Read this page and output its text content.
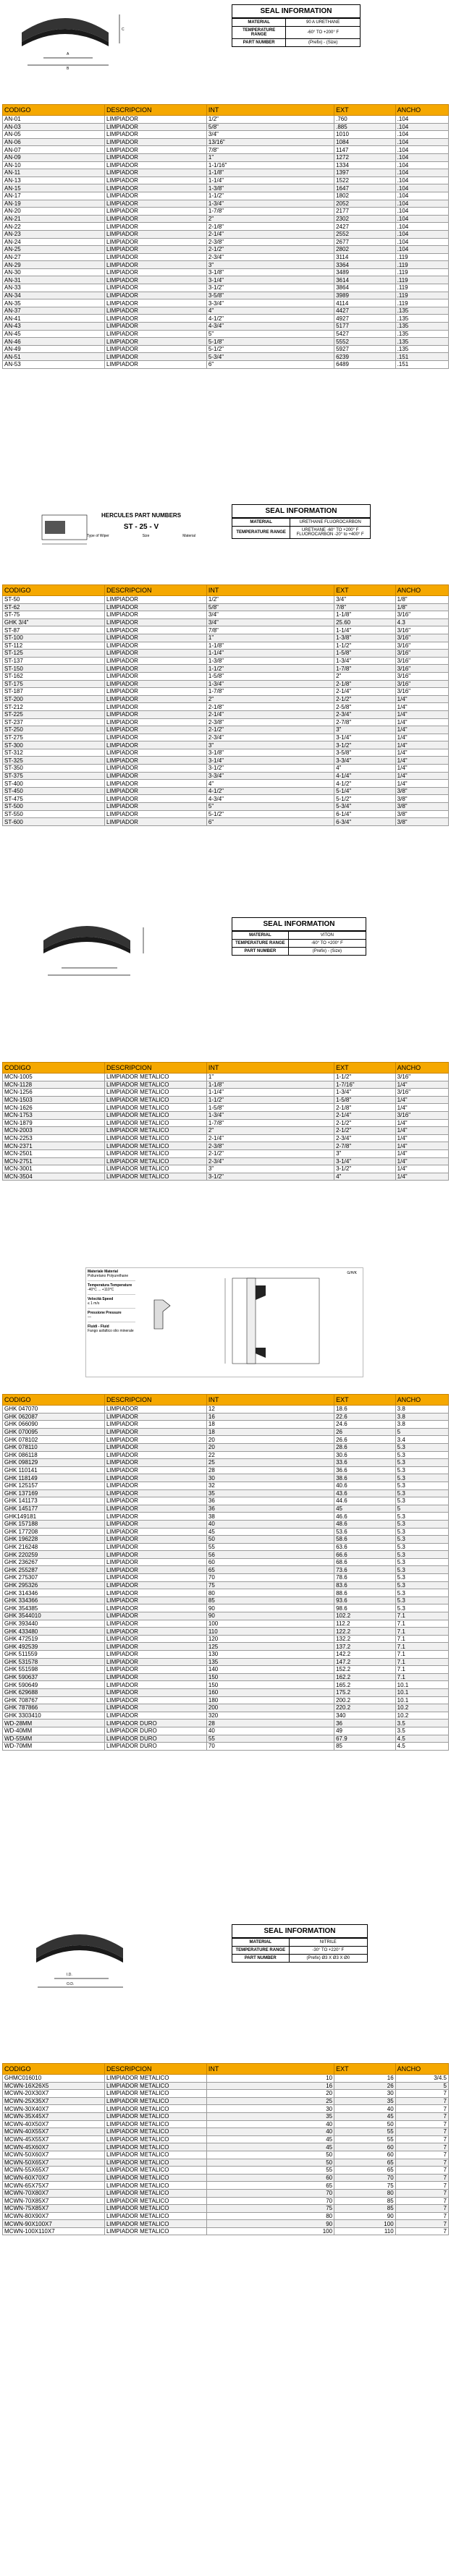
A
B
C
SEAL INFORMATION
MATERIAL	90 A URETHANE
TEMPERATURE RANGE	-60° TO +200° F
PART NUMBER	(Prefix) - (Size)
CODIGO	DESCRIPCION	INT	EXT	ANCHO
AN-01	LIMPIADOR	1/2"	.760	.104
AN-03	LIMPIADOR	5/8"	.885	.104
AN-05	LIMPIADOR	3/4"	1010	.104
AN-06	LIMPIADOR	13/16"	1084	.104
AN-07	LIMPIADOR	7/8"	1147	.104
AN-09	LIMPIADOR	1"	1272	.104
AN-10	LIMPIADOR	1-1/16"	1334	.104
AN-11	LIMPIADOR	1-1/8"	1397	.104
AN-13	LIMPIADOR	1-1/4"	1522	.104
AN-15	LIMPIADOR	1-3/8"	1647	.104
AN-17	LIMPIADOR	1-1/2"	1802	.104
AN-19	LIMPIADOR	1-3/4"	2052	.104
AN-20	LIMPIADOR	1-7/8"	2177	.104
AN-21	LIMPIADOR	2"	2302	.104
AN-22	LIMPIADOR	2-1/8"	2427	.104
AN-23	LIMPIADOR	2-1/4"	2552	.104
AN-24	LIMPIADOR	2-3/8"	2677	.104
AN-25	LIMPIADOR	2-1/2"	2802	.104
AN-27	LIMPIADOR	2-3/4"	3114	.119
AN-29	LIMPIADOR	3"	3364	.119
AN-30	LIMPIADOR	3-1/8"	3489	.119
AN-31	LIMPIADOR	3-1/4"	3614	.119
AN-33	LIMPIADOR	3-1/2"	3864	.119
AN-34	LIMPIADOR	3-5/8"	3989	.119
AN-35	LIMPIADOR	3-3/4"	4114	.119
AN-37	LIMPIADOR	4"	4427	.135
AN-41	LIMPIADOR	4-1/2"	4927	.135
AN-43	LIMPIADOR	4-3/4"	5177	.135
AN-45	LIMPIADOR	5"	5427	.135
AN-46	LIMPIADOR	5-1/8"	5552	.135
AN-49	LIMPIADOR	5-1/2"	5927	.135
AN-51	LIMPIADOR	5-3/4"	6239	.151
AN-53	LIMPIADOR	6"	6489	.151
HERCULES PART NUMBERS
ST - 25 - V
Type of Wiper	Size	Material
SEAL INFORMATION
MATERIAL	URETHANE FLUOROCARBON
TEMPERATURE RANGE	URETHANE -60° TO +200° F FLUOROCARBON -20° to +400° F
CODIGO	DESCRIPCION	INT	EXT	ANCHO
ST-50	LIMPIADOR	1/2"	3/4"	1/8"
ST-62	LIMPIADOR	5/8"	7/8"	1/8"
ST-75	LIMPIADOR	3/4"	1-1/8"	3/16"
GHK 3/4"	LIMPIADOR	3/4"	25.60	4.3
ST-87	LIMPIADOR	7/8"	1-1/4"	3/16"
ST-100	LIMPIADOR	1"	1-3/8"	3/16"
ST-112	LIMPIADOR	1-1/8"	1-1/2"	3/16"
ST-125	LIMPIADOR	1-1/4"	1-5/8"	3/16"
ST-137	LIMPIADOR	1-3/8"	1-3/4"	3/16"
ST-150	LIMPIADOR	1-1/2"	1-7/8"	3/16"
ST-162	LIMPIADOR	1-5/8"	2"	3/16"
ST-175	LIMPIADOR	1-3/4"	2-1/8"	3/16"
ST-187	LIMPIADOR	1-7/8"	2-1/4"	3/16"
ST-200	LIMPIADOR	2"	2-1/2"	1/4"
ST-212	LIMPIADOR	2-1/8"	2-5/8"	1/4"
ST-225	LIMPIADOR	2-1/4"	2-3/4"	1/4"
ST-237	LIMPIADOR	2-3/8"	2-7/8"	1/4"
ST-250	LIMPIADOR	2-1/2"	3"	1/4"
ST-275	LIMPIADOR	2-3/4"	3-1/4"	1/4"
ST-300	LIMPIADOR	3"	3-1/2"	1/4"
ST-312	LIMPIADOR	3-1/8"	3-5/8"	1/4"
ST-325	LIMPIADOR	3-1/4"	3-3/4"	1/4"
ST-350	LIMPIADOR	3-1/2"	4"	1/4"
ST-375	LIMPIADOR	3-3/4"	4-1/4"	1/4"
ST-400	LIMPIADOR	4"	4-1/2"	1/4"
ST-450	LIMPIADOR	4-1/2"	5-1/4"	3/8"
ST-475	LIMPIADOR	4-3/4"	5-1/2"	3/8"
ST-500	LIMPIADOR	5"	5-3/4"	3/8"
ST-550	LIMPIADOR	5-1/2"	6-1/4"	3/8"
ST-600	LIMPIADOR	6"	6-3/4"	3/8"
SEAL INFORMATION
MATERIAL	VITON
TEMPERATURE RANGE	-60° TO +200° F
PART NUMBER	(Prefix) - (Size)
CODIGO	DESCRIPCION	INT	EXT	ANCHO
MCN-1005	LIMPIADOR METALICO	1"	1-1/2"	3/16"
MCN-1128	LIMPIADOR METALICO	1-1/8"	1-7/16"	1/4"
MCN-1256	LIMPIADOR METALICO	1-1/4"	1-3/4"	3/16"
MCN-1503	LIMPIADOR METALICO	1-1/2"	1-5/8"	1/4"
MCN-1626	LIMPIADOR METALICO	1-5/8"	2-1/8"	1/4"
MCN-1753	LIMPIADOR METALICO	1-3/4"	2-1/4"	3/16"
MCN-1879	LIMPIADOR METALICO	1-7/8"	2-1/2"	1/4"
MCN-2003	LIMPIADOR METALICO	2"	2-1/2"	1/4"
MCN-2253	LIMPIADOR METALICO	2-1/4"	2-3/4"	1/4"
MCN-2371	LIMPIADOR METALICO	2-3/8"	2-7/8"	1/4"
MCN-2501	LIMPIADOR METALICO	2-1/2"	3"	1/4"
MCN-2751	LIMPIADOR METALICO	2-3/4"	3-1/4"	1/4"
MCN-3001	LIMPIADOR METALICO	3"	3-1/2"	1/4"
MCN-3504	LIMPIADOR METALICO	3-1/2"	4"	1/4"
Materiale Material
Poliuretano Polyurethane
Temperatura Temperature
-40°C ... +110°C
Velocità Speed
≤ 1 m/s
Pressione Pressure
—
Fluidi - Fluid
Fango asfaltico olio minerale
G/H/K
CODIGO	DESCRIPCION	INT	EXT	ANCHO
GHK 047070	LIMPIADOR	12	18.6	3.8
GHK 062087	LIMPIADOR	16	22.6	3.8
GHK 066090	LIMPIADOR	18	24.6	3.8
GHK 070095	LIMPIADOR	18	26	5
GHK 078102	LIMPIADOR	20	26.6	3.4
GHK 078110	LIMPIADOR	20	28.6	5.3
GHK 086118	LIMPIADOR	22	30.6	5.3
GHK 098129	LIMPIADOR	25	33.6	5.3
GHK 110141	LIMPIADOR	28	36.6	5.3
GHK 118149	LIMPIADOR	30	38.6	5.3
GHK 125157	LIMPIADOR	32	40.6	5.3
GHK 137169	LIMPIADOR	35	43.6	5.3
GHK 141173	LIMPIADOR	36	44.6	5.3
GHK 145177	LIMPIADOR	36	45	5
GHK149181	LIMPIADOR	38	46.6	5.3
GHK 157188	LIMPIADOR	40	48.6	5.3
GHK 177208	LIMPIADOR	45	53.6	5.3
GHK 196228	LIMPIADOR	50	58.6	5.3
GHK 216248	LIMPIADOR	55	63.6	5.3
GHK 220259	LIMPIADOR	56	66.6	5.3
GHK 236267	LIMPIADOR	60	68.6	5.3
GHK 255287	LIMPIADOR	65	73.6	5.3
GHK 275307	LIMPIADOR	70	78.6	5.3
GHK 295326	LIMPIADOR	75	83.6	5.3
GHK 314346	LIMPIADOR	80	88.6	5.3
GHK 334366	LIMPIADOR	85	93.6	5.3
GHK 354385	LIMPIADOR	90	98.6	5.3
GHK 3544010	LIMPIADOR	90	102.2	7.1
GHK 393440	LIMPIADOR	100	112.2	7.1
GHK 433480	LIMPIADOR	110	122.2	7.1
GHK 472519	LIMPIADOR	120	132.2	7.1
GHK 492539	LIMPIADOR	125	137.2	7.1
GHK 511559	LIMPIADOR	130	142.2	7.1
GHK 531578	LIMPIADOR	135	147.2	7.1
GHK 551598	LIMPIADOR	140	152.2	7.1
GHK 590637	LIMPIADOR	150	162.2	7.1
GHK 590649	LIMPIADOR	150	165.2	10.1
GHK 629688	LIMPIADOR	160	175.2	10.1
GHK 708767	LIMPIADOR	180	200.2	10.1
GHK 787866	LIMPIADOR	200	220.2	10.2
GHK 3303410	LIMPIADOR	320	340	10.2
WD-28MM	LIMPIADOR DURO	28	36	3.5
WD-40MM	LIMPIADOR DURO	40	49	3.5
WD-55MM	LIMPIADOR DURO	55	67.9	4.5
WD-70MM	LIMPIADOR DURO	70	85	4.5
I.D.
O.D.
SEAL INFORMATION
MATERIAL	NITRILE
TEMPERATURE RANGE	-30° TO +220° F
PART NUMBER	(Prefix) Ø3 X Ø3 X Ø0
CODIGO	DESCRIPCION	INT	EXT	ANCHO
GHMC016010	LIMPIADOR METALICO	10	16	3/4.5
MCWN-16X26X5	LIMPIADOR METALICO	16	26	5
MCWN-20X30X7	LIMPIADOR METALICO	20	30	7
MCWN-25X35X7	LIMPIADOR METALICO	25	35	7
MCWN-30X40X7	LIMPIADOR METALICO	30	40	7
MCWN-35X45X7	LIMPIADOR METALICO	35	45	7
MCWN-40X50X7	LIMPIADOR METALICO	40	50	7
MCWN-40X55X7	LIMPIADOR METALICO	40	55	7
MCWN-45X55X7	LIMPIADOR METALICO	45	55	7
MCWN-45X60X7	LIMPIADOR METALICO	45	60	7
MCWN-50X60X7	LIMPIADOR METALICO	50	60	7
MCWN-50X65X7	LIMPIADOR METALICO	50	65	7
MCWN-55X65X7	LIMPIADOR METALICO	55	65	7
MCWN-60X70X7	LIMPIADOR METALICO	60	70	7
MCWN-65X75X7	LIMPIADOR METALICO	65	75	7
MCWN-70X80X7	LIMPIADOR METALICO	70	80	7
MCWN-70X85X7	LIMPIADOR METALICO	70	85	7
MCWN-75X85X7	LIMPIADOR METALICO	75	85	7
MCWN-80X90X7	LIMPIADOR METALICO	80	90	7
MCWN-90X100X7	LIMPIADOR METALICO	90	100	7
MCWN-100X110X7	LIMPIADOR METALICO	100	110	7
